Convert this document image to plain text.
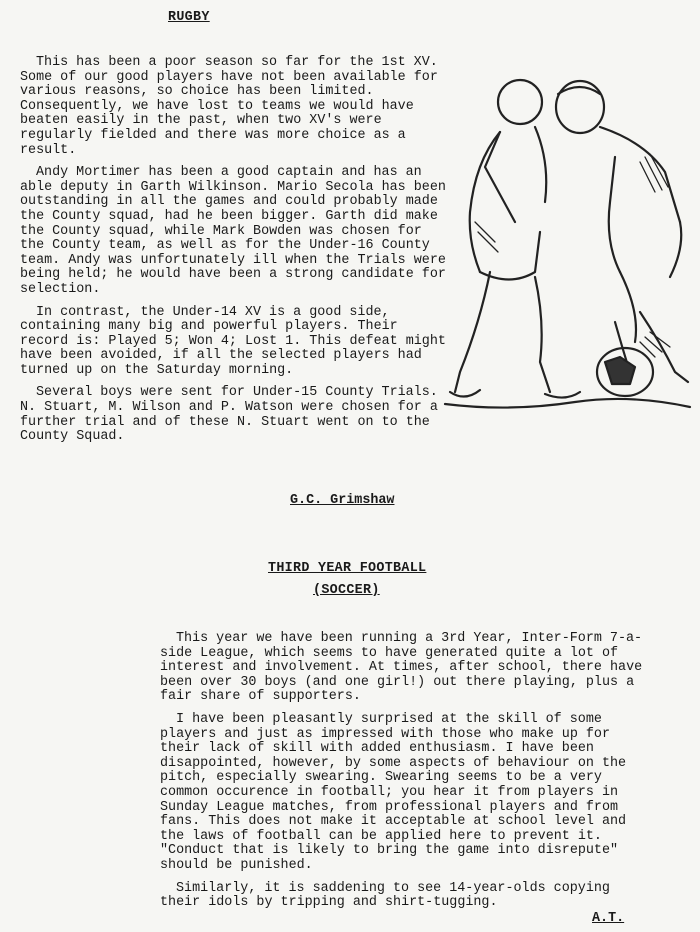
RUGBY

This has been a poor season so far for the 1st XV. Some of our good players have not been available for various reasons, so choice has been limited. Consequently, we have lost to teams we would have beaten easily in the past, when two XV's were regularly fielded and there was more choice as a result.

Andy Mortimer has been a good captain and has an able deputy in Garth Wilkinson. Mario Secola has been outstanding in all the games and could probably made the County squad, had he been bigger. Garth did make the County squad, while Mark Bowden was chosen for the County team, as well as for the Under-16 County team. Andy was unfortunately ill when the Trials were being held; he would have been a strong candidate for selection.

In contrast, the Under-14 XV is a good side, containing many big and powerful players. Their record is: Played 5; Won 4; Lost 1. This defeat might have been avoided, if all the selected players had turned up on the Saturday morning.

Several boys were sent for Under-15 County Trials. N. Stuart, M. Wilson and P. Watson were chosen for a further trial and of these N. Stuart went on to the County Squad.

G.C. Grimshaw
THIRD YEAR FOOTBALL
(SOCCER)

This year we have been running a 3rd Year, Inter-Form 7-a-side League, which seems to have generated quite a lot of interest and involvement. At times, after school, there have been over 30 boys (and one girl!) out there playing, plus a fair share of supporters.

I have been pleasantly surprised at the skill of some players and just as impressed with those who make up for their lack of skill with added enthusiasm. I have been disappointed, however, by some aspects of behaviour on the pitch, especially swearing. Swearing seems to be a very common occurence in football; you hear it from players in Sunday League matches, from professional players and from fans. This does not make it acceptable at school level and the laws of football can be applied here to prevent it. "Conduct that is likely to bring the game into disrepute" should be punished.

Similarly, it is saddening to see 14-year-olds copying their idols by tripping and shirt-tugging.

A.T.
